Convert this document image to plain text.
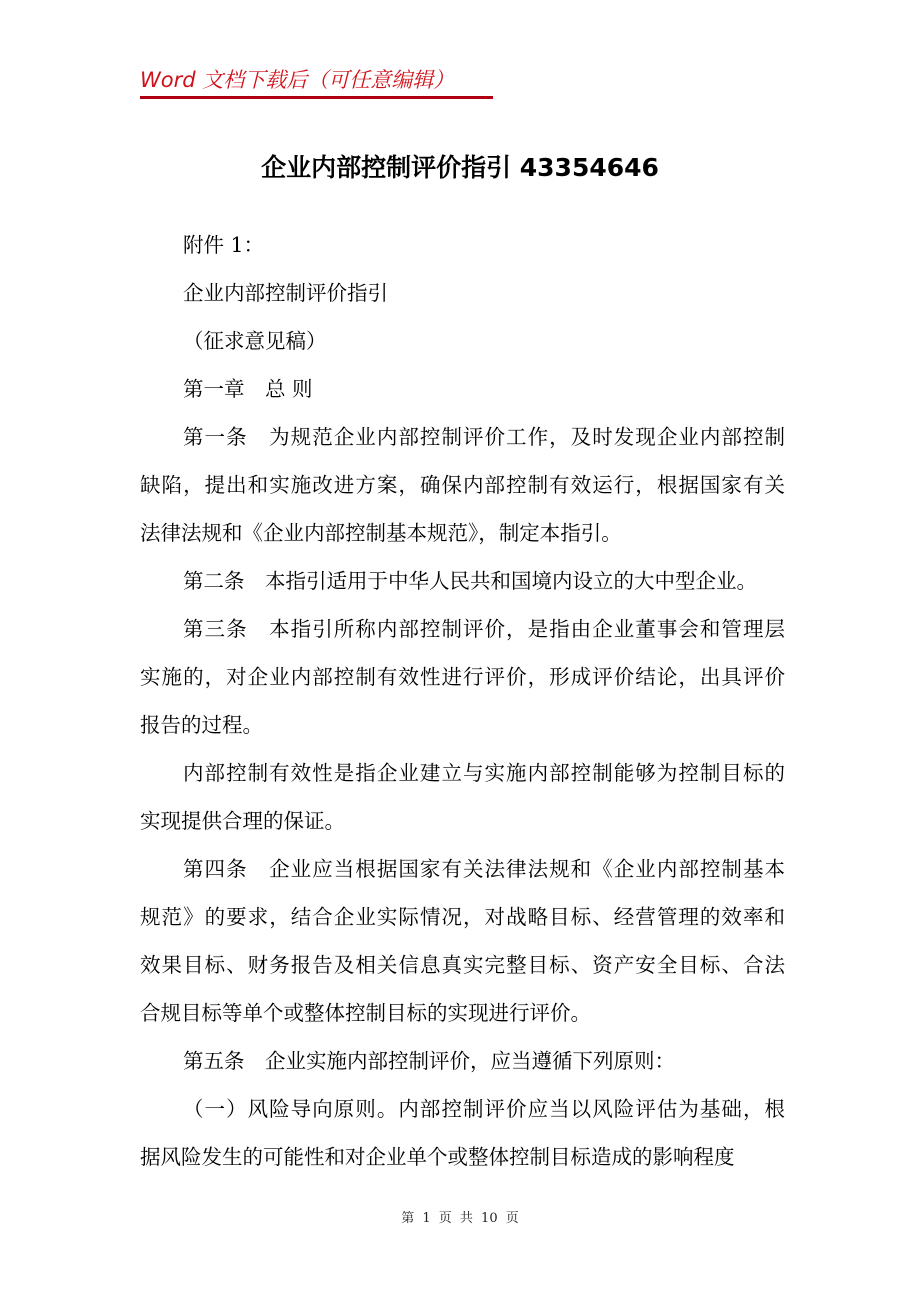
Word 文档下载后（可任意编辑）
企业内部控制评价指引 43354646
附件 1：
企业内部控制评价指引
（征求意见稿）
第一章　总 则
第一条　为规范企业内部控制评价工作，及时发现企业内部控制
缺陷，提出和实施改进方案，确保内部控制有效运行，根据国家有关
法律法规和《企业内部控制基本规范》，制定本指引。
第二条　本指引适用于中华人民共和国境内设立的大中型企业。
第三条　本指引所称内部控制评价，是指由企业董事会和管理层
实施的，对企业内部控制有效性进行评价，形成评价结论，出具评价
报告的过程。
内部控制有效性是指企业建立与实施内部控制能够为控制目标的
实现提供合理的保证。
第四条　企业应当根据国家有关法律法规和《企业内部控制基本
规范》的要求，结合企业实际情况，对战略目标、经营管理的效率和
效果目标、财务报告及相关信息真实完整目标、资产安全目标、合法
合规目标等单个或整体控制目标的实现进行评价。
第五条　企业实施内部控制评价，应当遵循下列原则：
（一）风险导向原则。内部控制评价应当以风险评估为基础，根
据风险发生的可能性和对企业单个或整体控制目标造成的影响程度
第 1 页 共 10 页
